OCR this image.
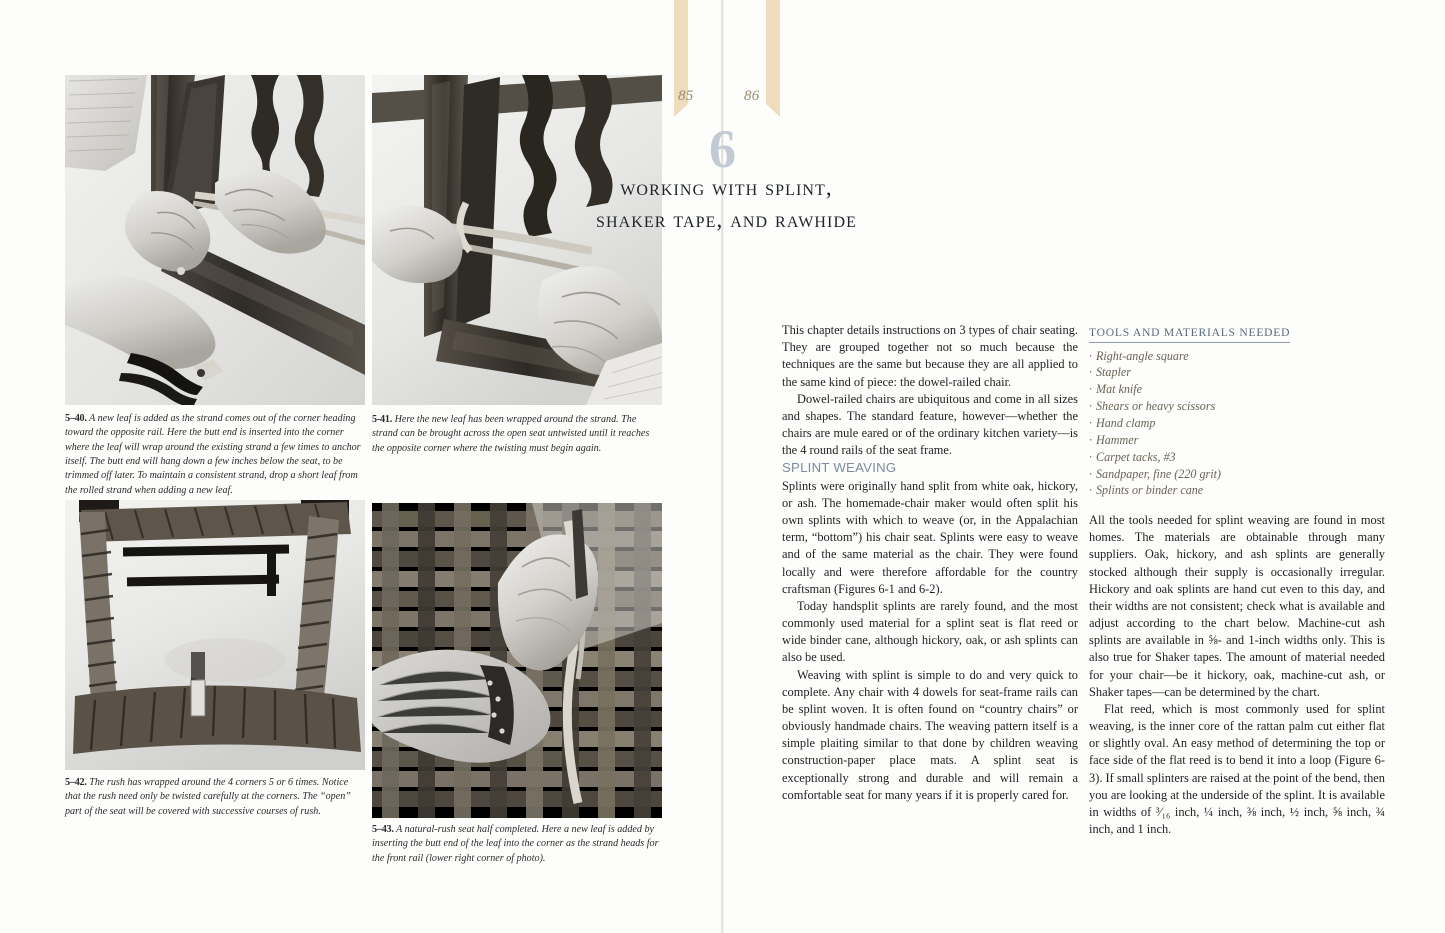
85	86
5–40. A new leaf is added as the strand comes out of the corner heading toward the opposite rail. Here the butt end is inserted into the corner where the leaf will wrap around the existing strand a few times to anchor itself. The butt end will hang down a few inches below the seat, to be trimmed off later. To maintain a consistent strand, drop a short leaf from the rolled strand when adding a new leaf.
5-41. Here the new leaf has been wrapped around the strand. The strand can be brought across the open seat untwisted until it reaches the opposite corner where the twisting must begin again.
5–42. The rush has wrapped around the 4 corners 5 or 6 times. Notice that the rush need only be twisted carefully at the corners. The “open” part of the seat will be covered with successive courses of rush.
5–43. A natural-rush seat half completed. Here a new leaf is added by inserting the butt end of the leaf into the corner as the strand heads for the front rail (lower right corner of photo).
6
working with splint,
shaker tape, and rawhide

This chapter details instructions on 3 types of chair seating. They are grouped together not so much because the techniques are the same but because they are all applied to the same kind of piece: the dowel-railed chair.

Dowel-railed chairs are ubiquitous and come in all sizes and shapes. The standard feature, however—whether the chairs are mule eared or of the ordinary kitchen variety—is the 4 round rails of the seat frame.

SPLINT WEAVING

Splints were originally hand split from white oak, hickory, or ash. The homemade-chair maker would often split his own splints with which to weave (or, in the Appalachian term, “bottom”) his chair seat. Splints were easy to weave and of the same material as the chair. They were found locally and were therefore affordable for the country craftsman (Figures 6-1 and 6-2).

Today handsplit splints are rarely found, and the most commonly used material for a splint seat is flat reed or wide binder cane, although hickory, oak, or ash splints can also be used.

Weaving with splint is simple to do and very quick to complete. Any chair with 4 dowels for seat-frame rails can be splint woven. It is often found on “country chairs” or obviously handmade chairs. The weaving pattern itself is a simple plaiting similar to that done by children weaving construction-paper place mats. A splint seat is exceptionally strong and durable and will remain a comfortable seat for many years if it is properly cared for.

TOOLS AND MATERIALS NEEDED
· Right-angle square
· Stapler
· Mat knife
· Shears or heavy scissors
· Hand clamp
· Hammer
· Carpet tacks, #3
· Sandpaper, fine (220 grit)
· Splints or binder cane

All the tools needed for splint weaving are found in most homes. The materials are obtainable through many suppliers. Oak, hickory, and ash splints are generally stocked although their supply is occasionally irregular. Hickory and oak splints are hand cut even to this day, and their widths are not consistent; check what is available and adjust according to the chart below. Machine-cut ash splints are available in ⅝- and 1-inch widths only. This is also true for Shaker tapes. The amount of material needed for your chair—be it hickory, oak, machine-cut ash, or Shaker tapes—can be determined by the chart.

Flat reed, which is most commonly used for splint weaving, is the inner core of the rattan palm cut either flat or slightly oval. An easy method of determining the top or face side of the flat reed is to bend it into a loop (Figure 6-3). If small splinters are raised at the point of the bend, then you are looking at the underside of the splint. It is available in widths of ³⁄₁₆ inch, ¼ inch, ⅜ inch, ½ inch, ⅝ inch, ¾ inch, and 1 inch.
